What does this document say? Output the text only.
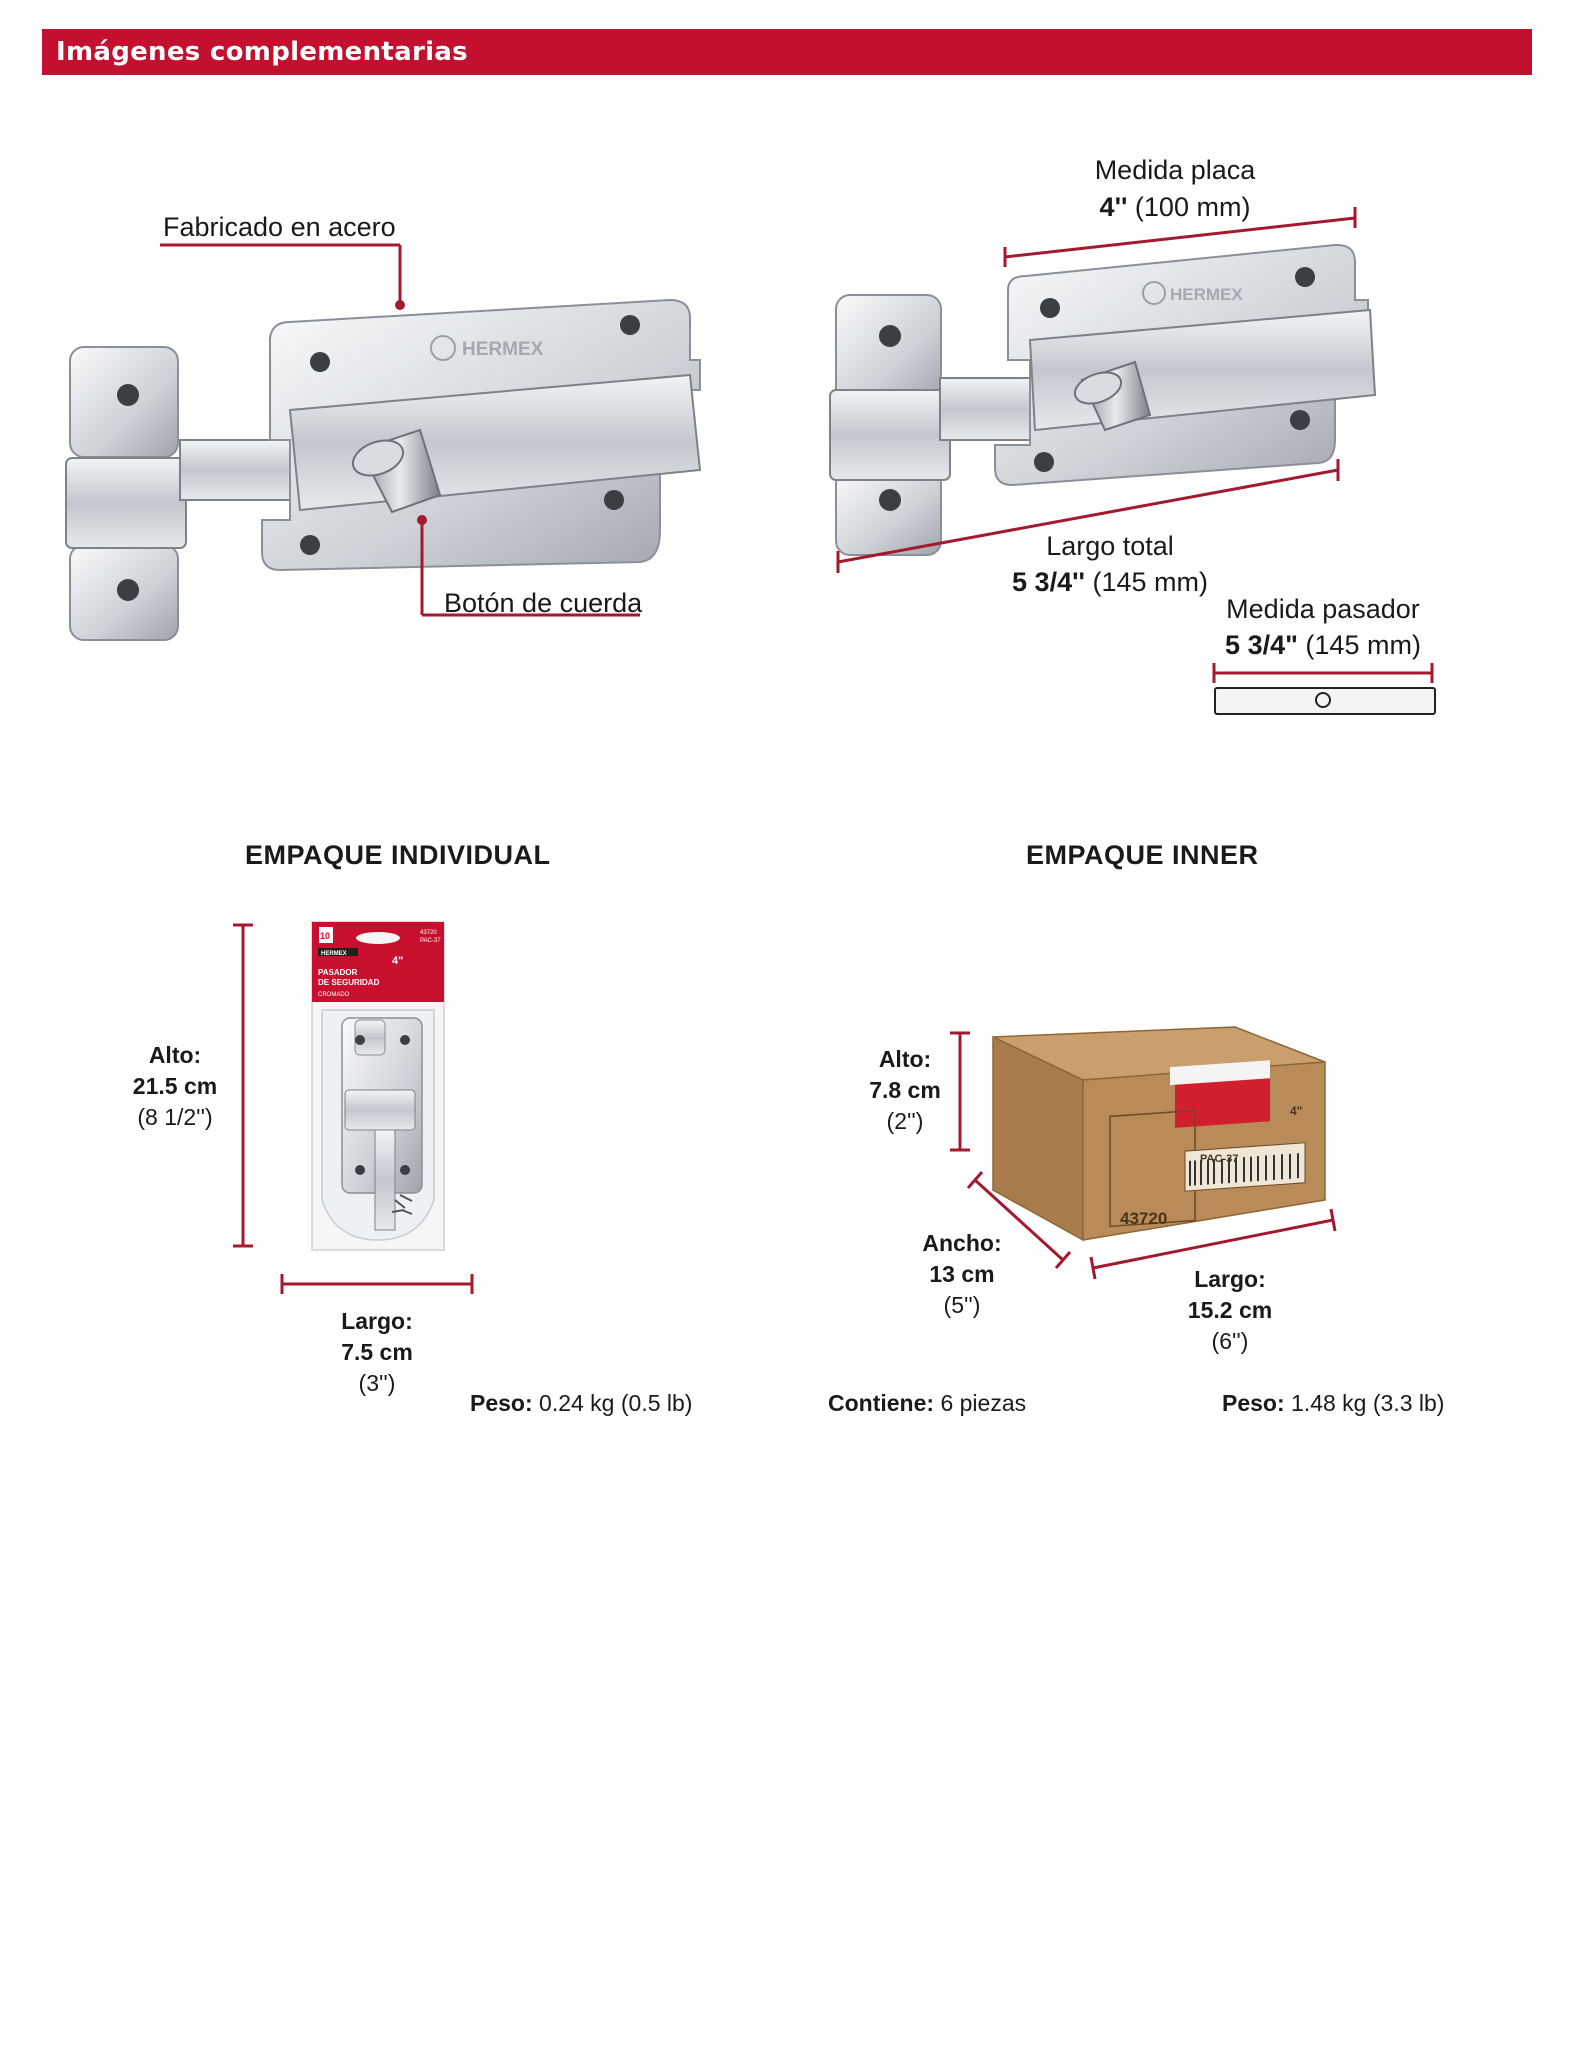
Imágenes complementarias
HERMEX
HERMEX
10	43720
PAC-37
HERMEX
4"
PASADOR
DE SEGURIDAD
CROMADO
43720
PAC-37
4"
Fabricado en acero
Botón de cuerda
Medida placa
4'' (100 mm)
Largo total
5 3/4'' (145 mm)
Medida pasador
5 3/4" (145 mm)
EMPAQUE INDIVIDUAL	EMPAQUE INNER
Alto:
21.5 cm
(8 1/2'')
Largo:
7.5 cm
(3'')
Peso: 0.24 kg (0.5 lb)
Alto:
7.8 cm
(2'')
Ancho:
13 cm
(5'')
Largo:
15.2 cm
(6'')
Contiene: 6 piezas	Peso: 1.48 kg (3.3 lb)
